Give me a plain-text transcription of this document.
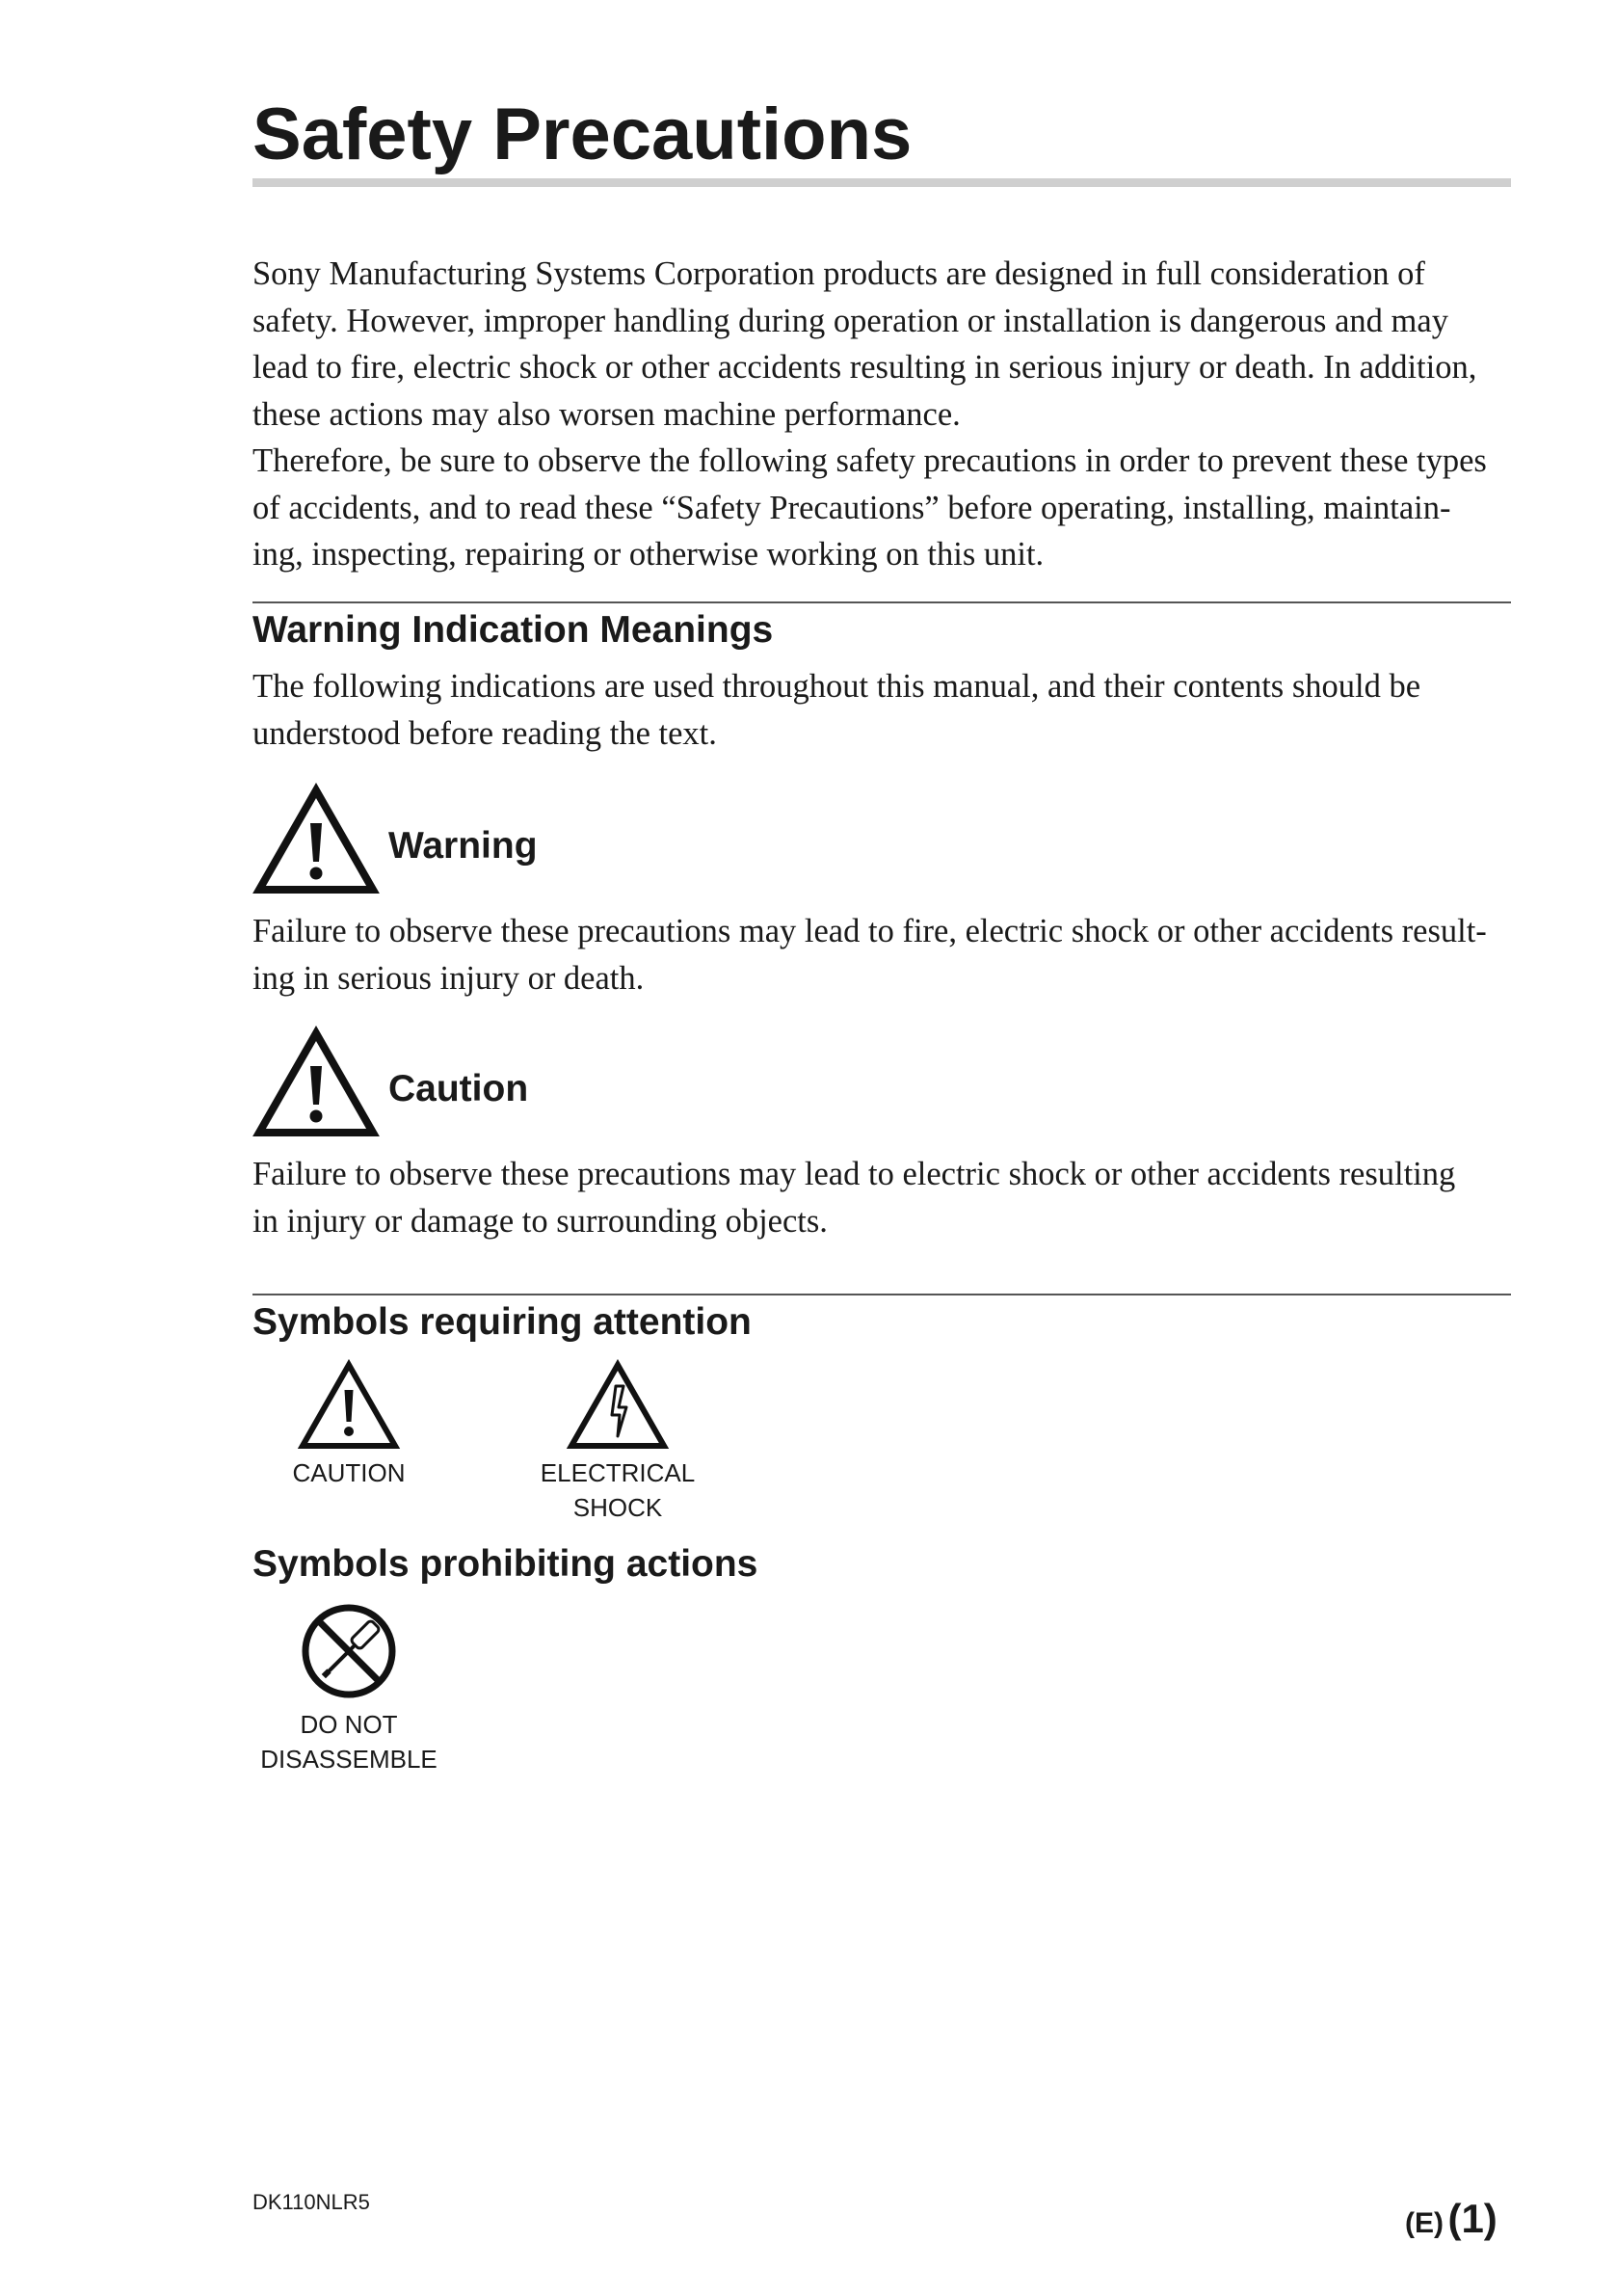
Safety Precautions
Sony Manufacturing Systems Corporation products are designed in full consideration of
safety. However, improper handling during operation or installation is dangerous and may
lead to fire, electric shock or other accidents resulting in serious injury or death. In addition,
these actions may also worsen machine performance.
Therefore, be sure to observe the following safety precautions in order to prevent these types
of accidents, and to read these “Safety Precautions” before operating, installing, maintain-
ing, inspecting, repairing or otherwise working on this unit.
Warning Indication Meanings
The following indications are used throughout this manual, and their contents should be
understood before reading the text.
Warning
Failure to observe these precautions may lead to fire, electric shock or other accidents result-
ing in serious injury or death.
Caution
Failure to observe these precautions may lead to electric shock or other accidents resulting
in injury or damage to surrounding objects.
Symbols requiring attention
CAUTION	ELECTRICAL
SHOCK
Symbols prohibiting actions
DO NOT
DISASSEMBLE
DK110NLR5
(E) (1)
